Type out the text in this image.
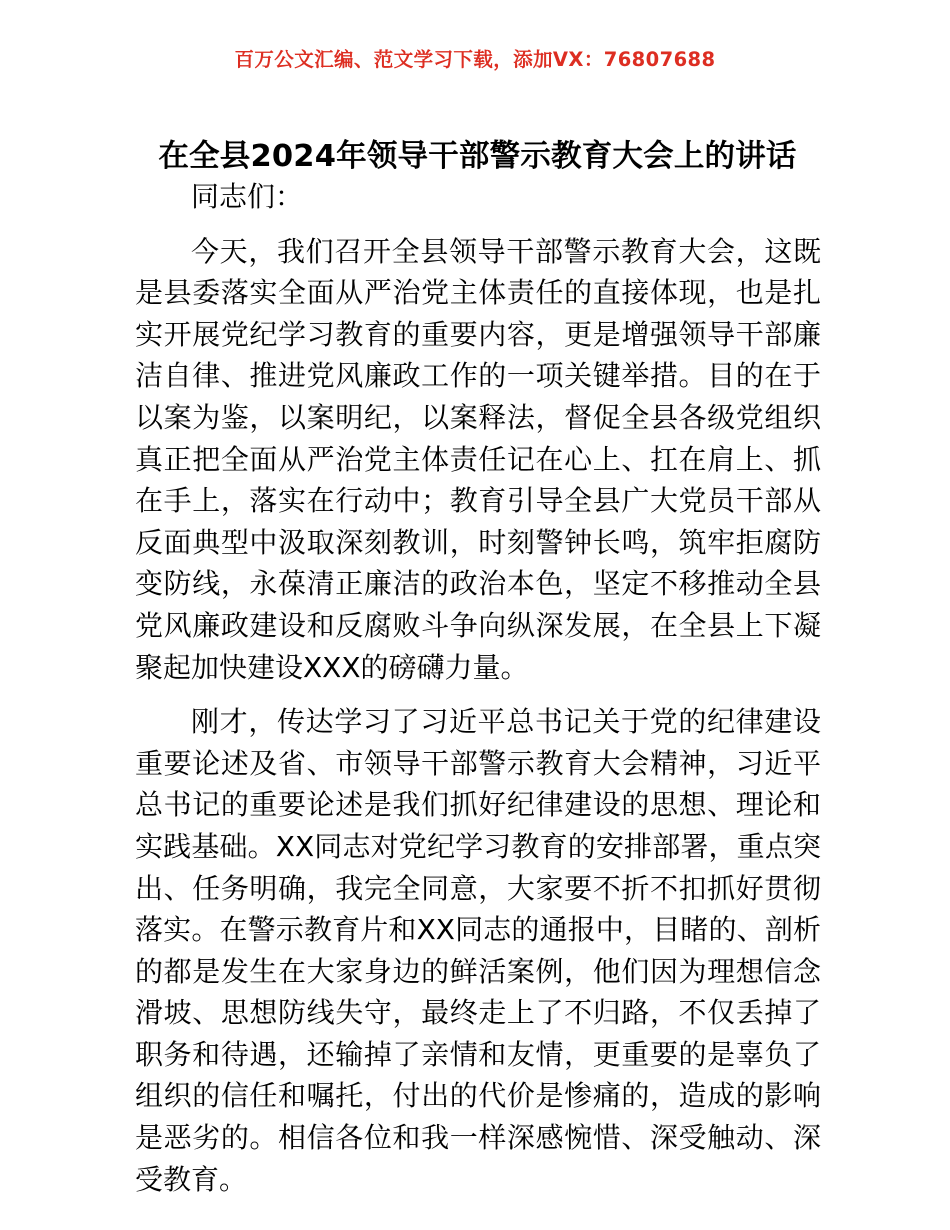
百万公文汇编、范文学习下载，添加VX：76807688
在全县2024年领导干部警示教育大会上的讲话

同志们：

今天，我们召开全县领导干部警示教育大会，这既是县委落实全面从严治党主体责任的直接体现，也是扎实开展党纪学习教育的重要内容，更是增强领导干部廉洁自律、推进党风廉政工作的一项关键举措。目的在于以案为鉴，以案明纪，以案释法，督促全县各级党组织真正把全面从严治党主体责任记在心上、扛在肩上、抓在手上，落实在行动中；教育引导全县广大党员干部从反面典型中汲取深刻教训，时刻警钟长鸣，筑牢拒腐防变防线，永葆清正廉洁的政治本色，坚定不移推动全县党风廉政建设和反腐败斗争向纵深发展，在全县上下凝聚起加快建设XXX的磅礴力量。

刚才，传达学习了习近平总书记关于党的纪律建设重要论述及省、市领导干部警示教育大会精神，习近平总书记的重要论述是我们抓好纪律建设的思想、理论和实践基础。XX同志对党纪学习教育的安排部署，重点突出、任务明确，我完全同意，大家要不折不扣抓好贯彻落实。在警示教育片和XX同志的通报中，目睹的、剖析的都是发生在大家身边的鲜活案例，他们因为理想信念滑坡、思想防线失守，最终走上了不归路，不仅丢掉了职务和待遇，还输掉了亲情和友情，更重要的是辜负了组织的信任和嘱托，付出的代价是惨痛的，造成的影响是恶劣的。相信各位和我一样深感惋惜、深受触动、深受教育。
